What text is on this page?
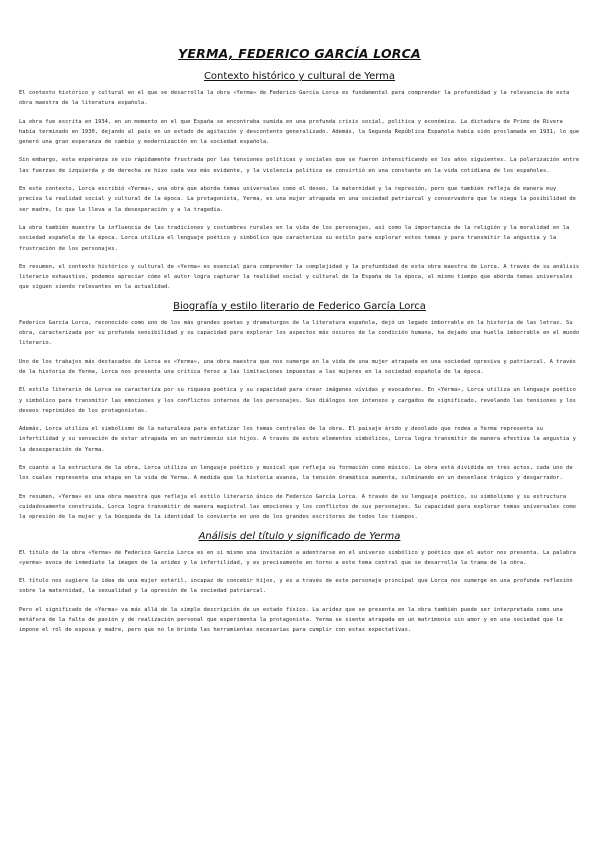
YERMA, FEDERICO GARCÍA LORCA
Contexto histórico y cultural de Yerma

El contexto histórico y cultural en el que se desarrolla la obra «Yerma» de Federico García Lorca es fundamental para comprender la profundidad y la relevancia de esta obra maestra de la literatura española.

La obra fue escrita en 1934, en un momento en el que España se encontraba sumida en una profunda crisis social, política y económica. La dictadura de Primo de Rivera había terminado en 1930, dejando al país en un estado de agitación y descontento generalizado. Además, la Segunda República Española había sido proclamada en 1931, lo que generó una gran esperanza de cambio y modernización en la sociedad española.

Sin embargo, esta esperanza se vio rápidamente frustrada por las tensiones políticas y sociales que se fueron intensificando en los años siguientes. La polarización entre las fuerzas de izquierda y de derecha se hizo cada vez más evidente, y la violencia política se convirtió en una constante en la vida cotidiana de los españoles.

En este contexto, Lorca escribió «Yerma», una obra que aborda temas universales como el deseo, la maternidad y la represión, pero que también refleja de manera muy precisa la realidad social y cultural de la época. La protagonista, Yerma, es una mujer atrapada en una sociedad patriarcal y conservadora que le niega la posibilidad de ser madre, lo que la lleva a la desesperación y a la tragedia.

La obra también muestra la influencia de las tradiciones y costumbres rurales en la vida de los personajes, así como la importancia de la religión y la moralidad en la sociedad española de la época. Lorca utiliza el lenguaje poético y simbólico que caracteriza su estilo para explorar estos temas y para transmitir la angustia y la frustración de los personajes.

En resumen, el contexto histórico y cultural de «Yerma» es esencial para comprender la complejidad y la profundidad de esta obra maestra de Lorca. A través de su análisis literario exhaustivo, podemos apreciar cómo el autor logra capturar la realidad social y cultural de la España de la época, al mismo tiempo que aborda temas universales que siguen siendo relevantes en la actualidad.

Biografía y estilo literario de Federico García Lorca

Federico García Lorca, reconocido como uno de los más grandes poetas y dramaturgos de la literatura española, dejó un legado imborrable en la historia de las letras. Su obra, caracterizada por su profunda sensibilidad y su capacidad para explorar los aspectos más oscuros de la condición humana, ha dejado una huella imborrable en el mundo literario.

Uno de los trabajos más destacados de Lorca es «Yerma», una obra maestra que nos sumerge en la vida de una mujer atrapada en una sociedad opresiva y patriarcal. A través de la historia de Yerma, Lorca nos presenta una crítica feroz a las limitaciones impuestas a las mujeres en la sociedad española de la época.

El estilo literario de Lorca se caracteriza por su riqueza poética y su capacidad para crear imágenes vívidas y evocadoras. En «Yerma», Lorca utiliza un lenguaje poético y simbólico para transmitir las emociones y los conflictos internos de los personajes. Sus diálogos son intensos y cargados de significado, revelando las tensiones y los deseos reprimidos de los protagonistas.

Además, Lorca utiliza el simbolismo de la naturaleza para enfatizar los temas centrales de la obra. El paisaje árido y desolado que rodea a Yerma representa su infertilidad y su sensación de estar atrapada en un matrimonio sin hijos. A través de estos elementos simbólicos, Lorca logra transmitir de manera efectiva la angustia y la desesperación de Yerma.

En cuanto a la estructura de la obra, Lorca utiliza un lenguaje poético y musical que refleja su formación como músico. La obra está dividida en tres actos, cada uno de los cuales representa una etapa en la vida de Yerma. A medida que la historia avanza, la tensión dramática aumenta, culminando en un desenlace trágico y desgarrador.

En resumen, «Yerma» es una obra maestra que refleja el estilo literario único de Federico García Lorca. A través de su lenguaje poético, su simbolismo y su estructura cuidadosamente construida, Lorca logra transmitir de manera magistral las emociones y los conflictos de sus personajes. Su capacidad para explorar temas universales como la opresión de la mujer y la búsqueda de la identidad lo convierte en uno de los grandes escritores de todos los tiempos.

Análisis del título y significado de Yerma

El título de la obra «Yerma» de Federico García Lorca es en sí mismo una invitación a adentrarse en el universo simbólico y poético que el autor nos presenta. La palabra «yerma» evoca de inmediato la imagen de la aridez y la infertilidad, y es precisamente en torno a este tema central que se desarrolla la trama de la obra.

El título nos sugiere la idea de una mujer estéril, incapaz de concebir hijos, y es a través de este personaje principal que Lorca nos sumerge en una profunda reflexión sobre la maternidad, la sexualidad y la opresión de la sociedad patriarcal.

Pero el significado de «Yerma» va más allá de la simple descripción de un estado físico. La aridez que se presenta en la obra también puede ser interpretada como una metáfora de la falta de pasión y de realización personal que experimenta la protagonista. Yerma se siente atrapada en un matrimonio sin amor y en una sociedad que le impone el rol de esposa y madre, pero que no le brinda las herramientas necesarias para cumplir con estas expectativas.
